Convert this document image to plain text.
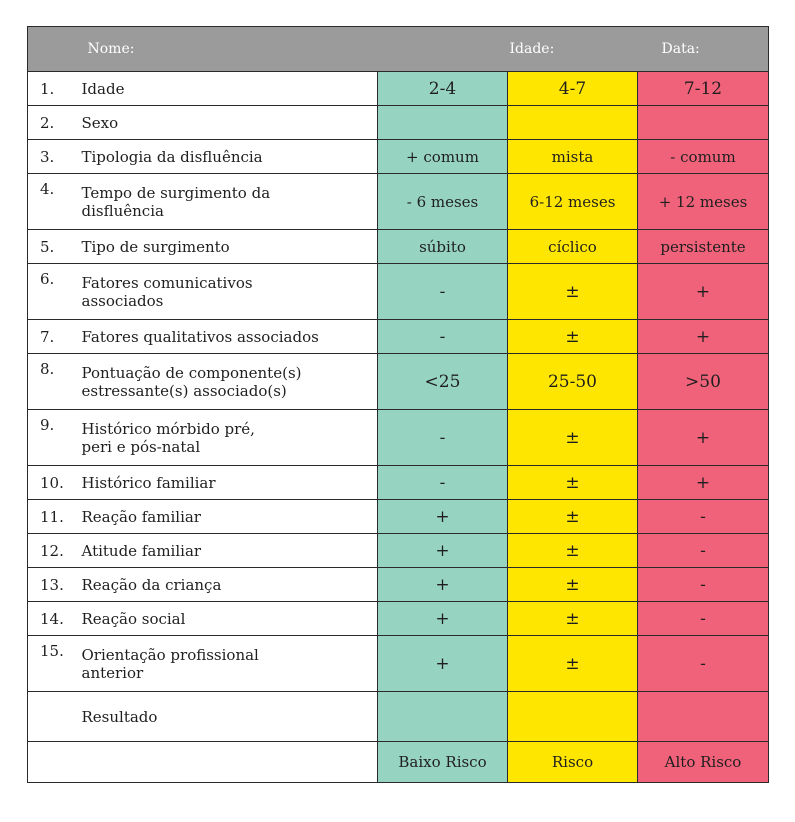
	Nome:		Idade:	Data:
1.	Idade	2-4	4-7	7-12
2.	Sexo			
3.	Tipologia da disfluência	+ comum	mista	- comum
4.	Tempo de surgimento da disfluência	- 6 meses	6-12 meses	+ 12 meses
5.	Tipo de surgimento	súbito	cíclico	persistente
6.	Fatores comunicativos associados	-	±	+
7.	Fatores qualitativos associados	-	±	+
8.	Pontuação de componente(s) estressante(s) associado(s)	<25	25-50	>50
9.	Histórico mórbido pré, peri e pós-natal	-	±	+
10.	Histórico familiar	-	±	+
11.	Reação familiar	+	±	-
12.	Atitude familiar	+	±	-
13.	Reação da criança	+	±	-
14.	Reação social	+	±	-
15.	Orientação profissional anterior	+	±	-
	Resultado			
		Baixo Risco	Risco	Alto Risco
